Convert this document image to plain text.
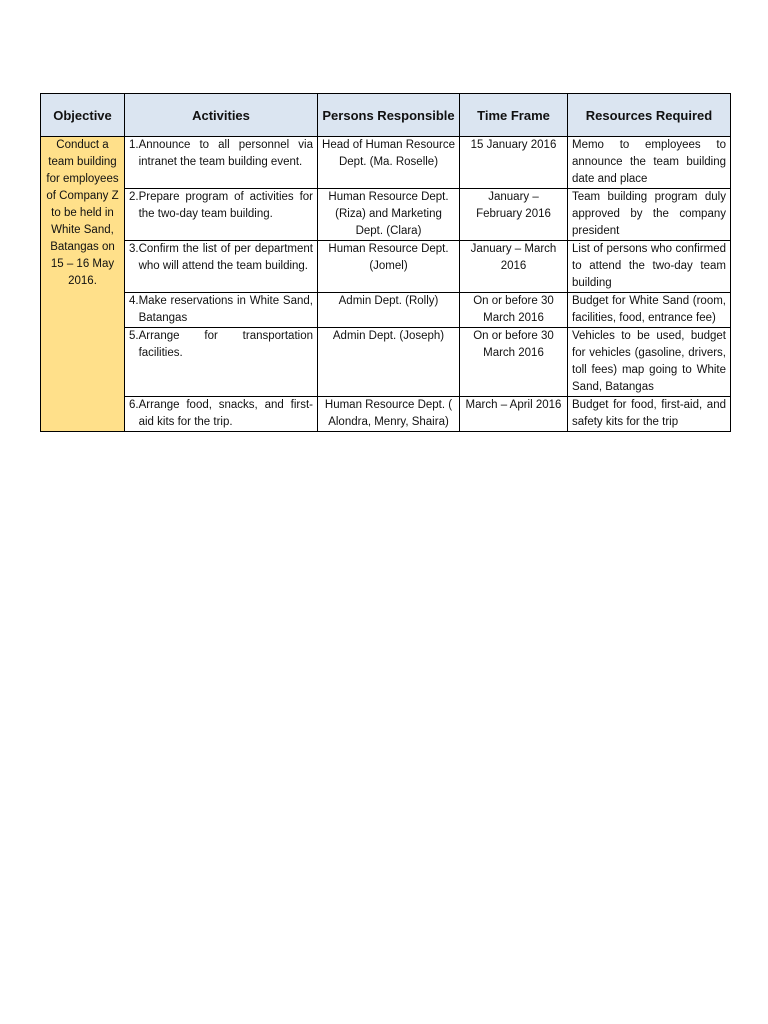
Objective	Activities	Persons Responsible	Time Frame	Resources Required
Conduct a team building for employees of Company Z to be held in White Sand, Batangas on 15 – 16 May 2016.	1. Announce to all personnel via intranet the team building event.	Head of Human Resource Dept. (Ma. Roselle)	15 January 2016	Memo to employees to announce the team building date and place

	2. Prepare program of activities for the two-day team building.	Human Resource Dept. (Riza) and Marketing Dept. (Clara)	January – February 2016	Team building program duly approved by the company president

	3. Confirm the list of per department who will attend the team building.	Human Resource Dept. (Jomel)	January – March 2016	List of persons who confirmed to attend the two-day team building

	4. Make reservations in White Sand, Batangas	Admin Dept. (Rolly)	On or before 30 March 2016	Budget for White Sand (room, facilities, food, entrance fee)

	5. Arrange for transportation facilities.	Admin Dept. (Joseph)	On or before 30 March 2016	Vehicles to be used, budget for vehicles (gasoline, drivers, toll fees) map going to White Sand, Batangas

	6. Arrange food, snacks, and first-aid kits for the trip.	Human Resource Dept. ( Alondra, Menry, Shaira)	March – April 2016	Budget for food, first-aid, and safety kits for the trip
